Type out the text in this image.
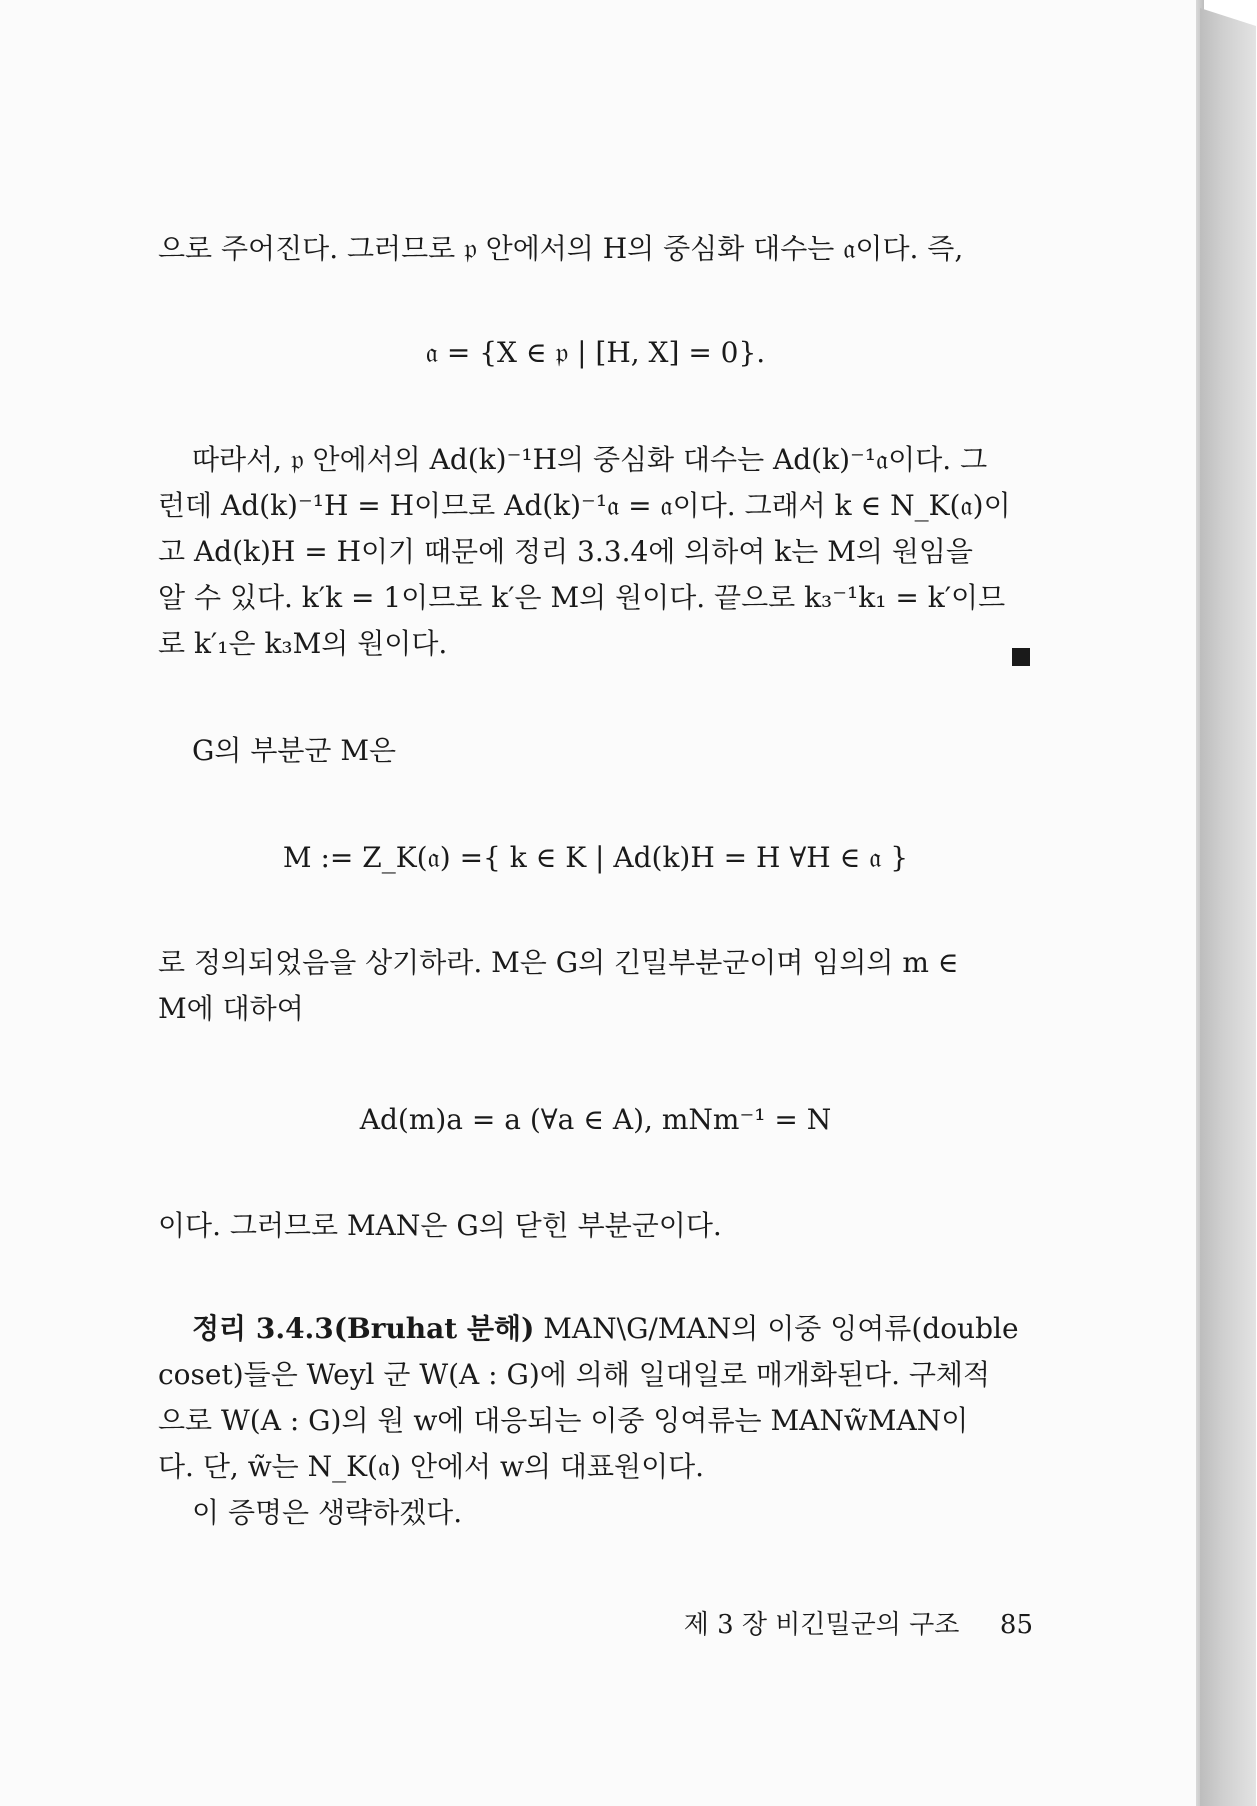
으로 주어진다. 그러므로 𝔭 안에서의 H의 중심화 대수는 𝔞이다. 즉,
𝔞 = {X ∈ 𝔭 | [H, X] = 0}.
따라서, 𝔭 안에서의 Ad(k)⁻¹H의 중심화 대수는 Ad(k)⁻¹𝔞이다. 그
런데 Ad(k)⁻¹H = H이므로 Ad(k)⁻¹𝔞 = 𝔞이다. 그래서 k ∈ N_K(𝔞)이
고 Ad(k)H = H이기 때문에 정리 3.3.4에 의하여 k는 M의 원임을
알 수 있다. k′k = 1이므로 k′은 M의 원이다. 끝으로 k₃⁻¹k₁ = k′이므
로 k′₁은 k₃M의 원이다.
G의 부분군 M은
M := Z_K(𝔞) ={ k ∈ K | Ad(k)H = H ∀H ∈ 𝔞 }
로 정의되었음을 상기하라. M은 G의 긴밀부분군이며 임의의 m ∈
M에 대하여
Ad(m)a = a (∀a ∈ A), mNm⁻¹ = N
이다. 그러므로 MAN은 G의 닫힌 부분군이다.
정리 3.4.3(Bruhat 분해) MAN\G/MAN의 이중 잉여류(double
coset)들은 Weyl 군 W(A : G)에 의해 일대일로 매개화된다. 구체적
으로 W(A : G)의 원 w에 대응되는 이중 잉여류는 MANw̃MAN이
다. 단, w̃는 N_K(𝔞) 안에서 w의 대표원이다.
이 증명은 생략하겠다.
제 3 장 비긴밀군의 구조 85
